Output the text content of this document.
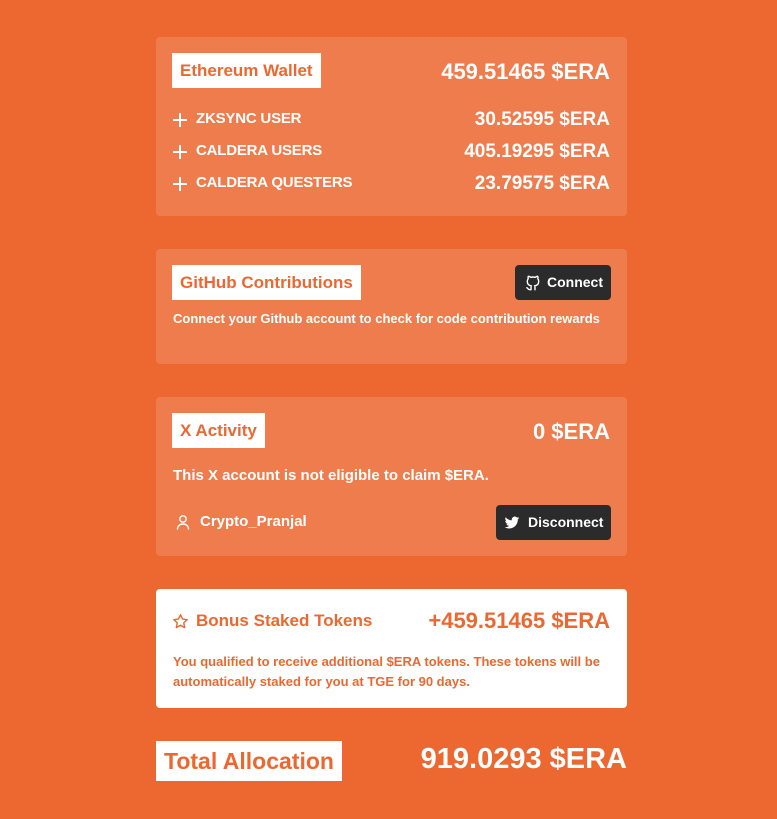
Ethereum Wallet	459.51465 $ERA
ZKSYNC USER	30.52595 $ERA
CALDERA USERS	405.19295 $ERA
CALDERA QUESTERS	23.79575 $ERA
GitHub Contributions	Connect
Connect your Github account to check for code contribution rewards
X Activity	0 $ERA
This X account is not eligible to claim $ERA.
Crypto_Pranjal	Disconnect
Bonus Staked Tokens	+459.51465 $ERA
You qualified to receive additional $ERA tokens. These tokens will be automatically staked for you at TGE for 90 days.
Total Allocation	919.0293 $ERA
